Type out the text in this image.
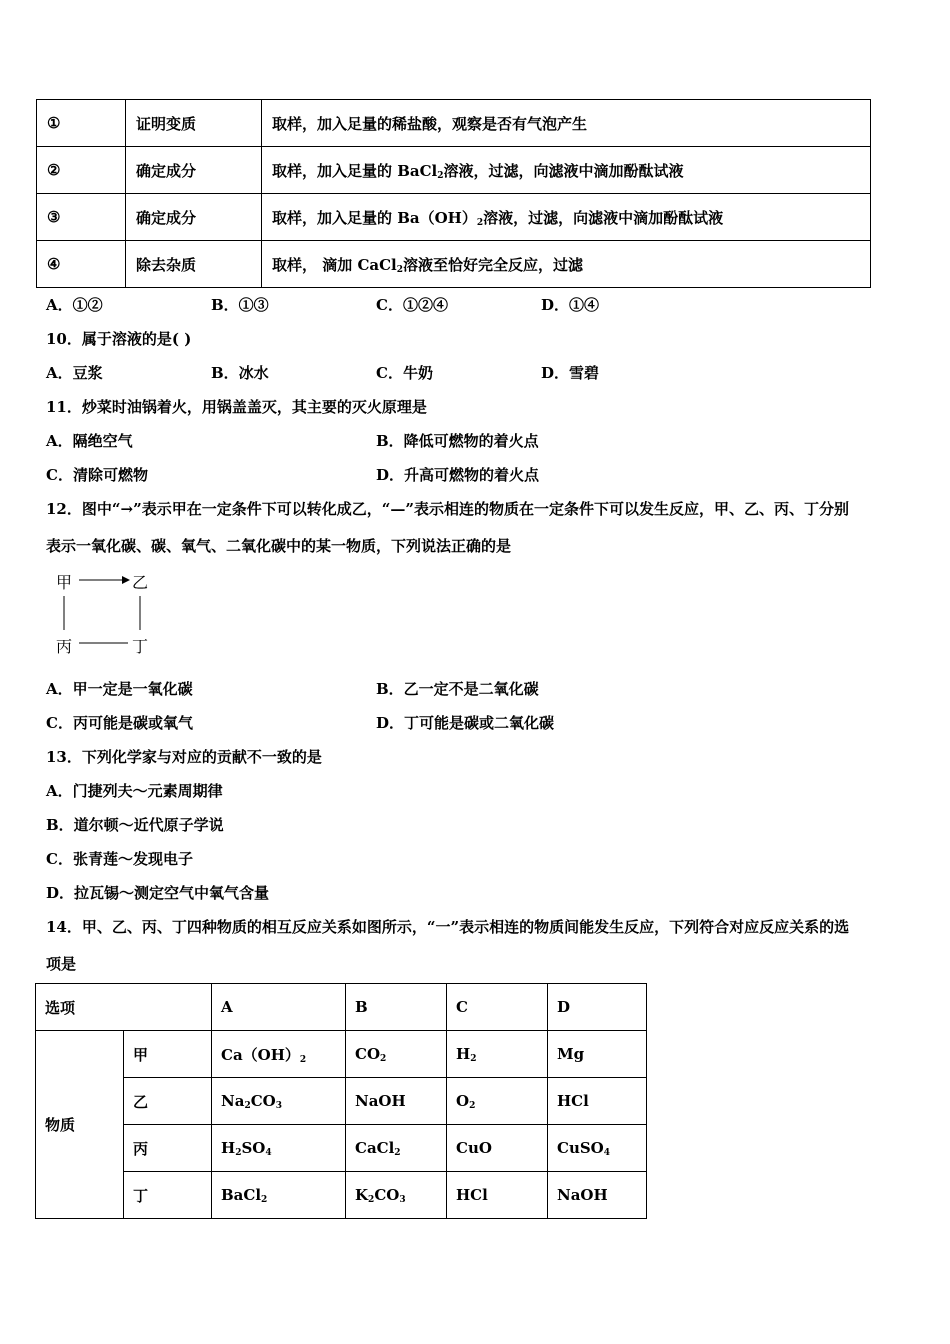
①	证明变质	取样，加入足量的稀盐酸，观察是否有气泡产生
②	确定成分	取样，加入足量的 BaCl$_2$溶液，过滤，向滤液中滴加酚酞试液
③	确定成分	取样，加入足量的 $Ba(OH)_2$溶液，过滤，向滤液中滴加酚酞试液
④	除去杂质	取样， 滴加 CaCl$_2$溶液至恰好完全反应，过滤
A．①②	B．①③	C．①②④	D．①④
10．属于溶液的是( )
A．豆浆	B．冰水	C．牛奶	D．雪碧
11．炒菜时油锅着火，用锅盖盖灭，其主要的灭火原理是
A．隔绝空气	B．降低可燃物的着火点
C．清除可燃物	D．升高可燃物的着火点
12．图中“→”表示甲在一定条件下可以转化成乙，“—”表示相连的物质在一定条件下可以发生反应，甲、乙、丙、丁分别
表示一氧化碳、碳、氧气、二氧化碳中的某一物质，下列说法正确的是
甲	乙
丙	丁
A．甲一定是一氧化碳	B．乙一定不是二氧化碳
C．丙可能是碳或氧气	D．丁可能是碳或二氧化碳
13．下列化学家与对应的贡献不一致的是
A．门捷列夫～元素周期律
B．道尔顿～近代原子学说
C．张青莲～发现电子
D．拉瓦锡～测定空气中氧气含量
14．甲、乙、丙、丁四种物质的相互反应关系如图所示，“一”表示相连的物质间能发生反应，下列符合对应反应关系的选
项是
选项		A	B	C	D
物质	甲	$Ca(OH)_2$	$CO_2$	$H_2$	Mg
	乙	$Na_2CO_3$	NaOH	$O_2$	HCl
	丙	$H_2SO_4$	CaCl$_2$	CuO	CuSO$_4$
	丁	BaCl$_2$	$K_2CO_3$	HCl	NaOH
